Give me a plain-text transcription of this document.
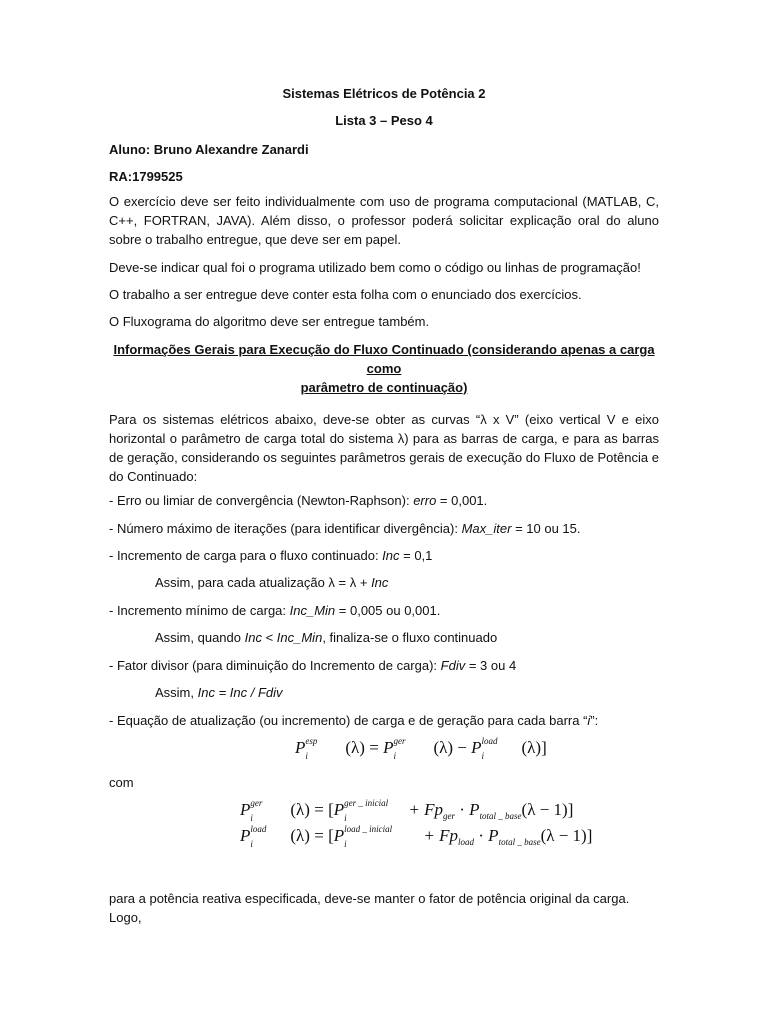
Sistemas Elétricos de Potência 2
Lista 3 – Peso 4
Aluno: Bruno Alexandre Zanardi
RA:1799525
O exercício deve ser feito individualmente com uso de programa computacional (MATLAB, C, C++, FORTRAN, JAVA). Além disso, o professor poderá solicitar explicação oral do aluno sobre o trabalho entregue, que deve ser em papel.
Deve-se indicar qual foi o programa utilizado bem como o código ou linhas de programação!
O trabalho a ser entregue deve conter esta folha com o enunciado dos exercícios.
O Fluxograma do algoritmo deve ser entregue também.
Informações Gerais para Execução do Fluxo Continuado (considerando apenas a carga como
parâmetro de continuação)
Para os sistemas elétricos abaixo, deve-se obter as curvas “λ x V” (eixo vertical V e eixo horizontal o parâmetro de carga total do sistema λ) para as barras de carga, e para as barras de geração, considerando os seguintes parâmetros gerais de execução do Fluxo de Potência e do Continuado:
- Erro ou limiar de convergência (Newton-Raphson): erro = 0,001.
- Número máximo de iterações (para identificar divergência): Max_iter = 10 ou 15.
- Incremento de carga para o fluxo continuado: Inc = 0,1
Assim, para cada atualização λ = λ + Inc
- Incremento mínimo de carga: Inc_Min = 0,005 ou 0,001.
Assim, quando Inc < Inc_Min, finaliza-se o fluxo continuado
- Fator divisor (para diminuição do Incremento de carga): Fdiv = 3 ou 4
Assim, Inc = Inc / Fdiv
- Equação de atualização (ou incremento) de carga e de geração para cada barra “i”:
P esp
i (λ) = P ger
i (λ) − P load
i (λ)]
com
P ger
i (λ) = [P ger _ inicial
i	+ $Fp_{ger} \cdot P_{total \_ base}(\lambda - 1)$]
P load
i (λ) = [P load _ inicial
i	+ $Fp_{load} \cdot P_{total \_ base}(\lambda - 1)$]
para a potência reativa especificada, deve-se manter o fator de potência original da carga.
Logo,
